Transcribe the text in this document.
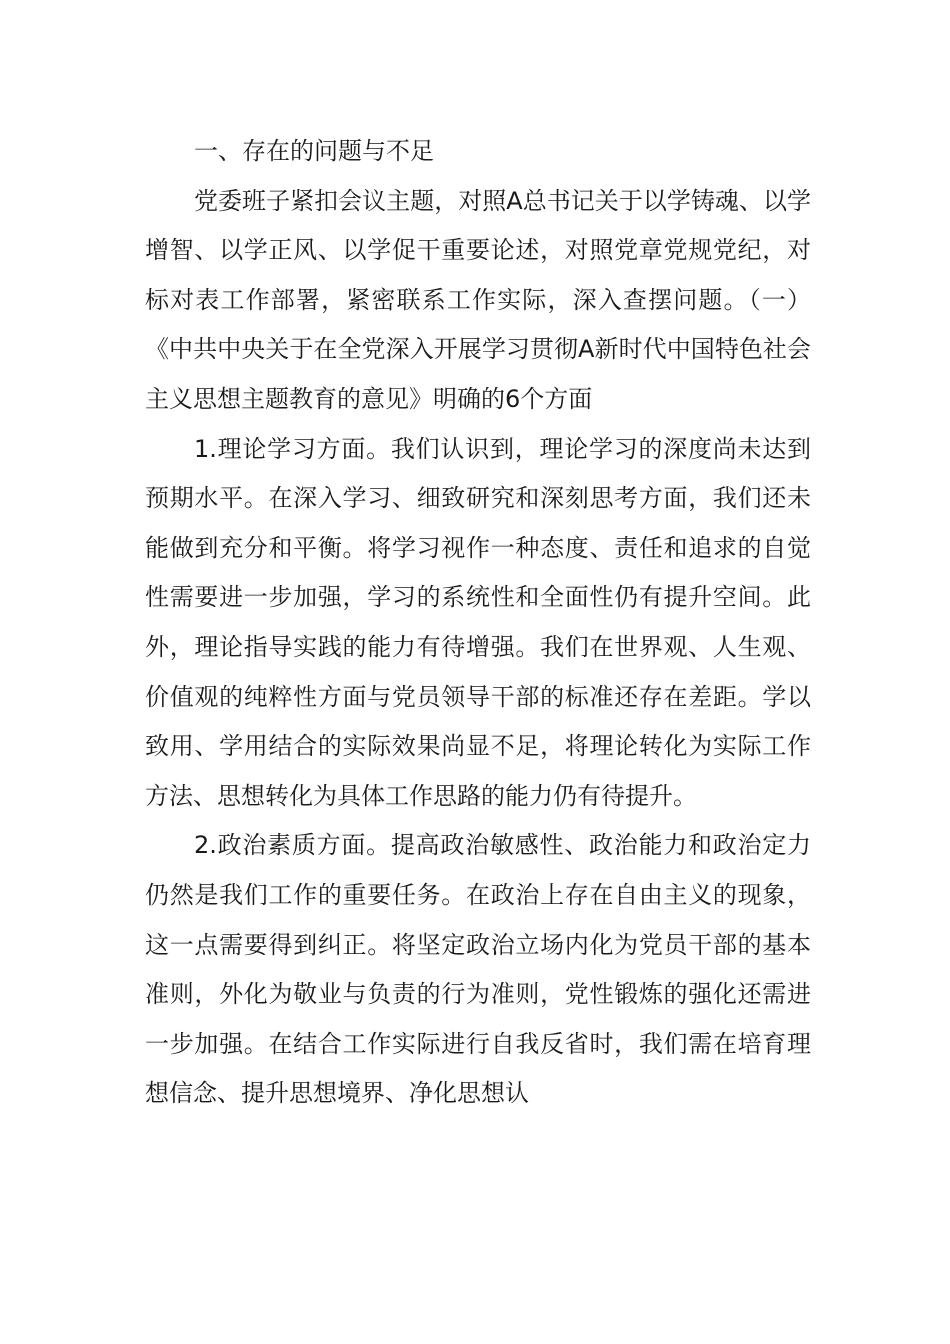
一、存在的问题与不足

党委班子紧扣会议主题，对照A总书记关于以学铸魂、以学增智、以学正风、以学促干重要论述，对照党章党规党纪，对标对表工作部署，紧密联系工作实际，深入查摆问题。（一）《中共中央关于在全党深入开展学习贯彻A新时代中国特色社会主义思想主题教育的意见》明确的6个方面

1.理论学习方面。我们认识到，理论学习的深度尚未达到预期水平。在深入学习、细致研究和深刻思考方面，我们还未能做到充分和平衡。将学习视作一种态度、责任和追求的自觉性需要进一步加强，学习的系统性和全面性仍有提升空间。此外，理论指导实践的能力有待增强。我们在世界观、人生观、价值观的纯粹性方面与党员领导干部的标准还存在差距。学以致用、学用结合的实际效果尚显不足，将理论转化为实际工作方法、思想转化为具体工作思路的能力仍有待提升。

2.政治素质方面。提高政治敏感性、政治能力和政治定力仍然是我们工作的重要任务。在政治上存在自由主义的现象，这一点需要得到纠正。将坚定政治立场内化为党员干部的基本准则，外化为敬业与负责的行为准则，党性锻炼的强化还需进一步加强。在结合工作实际进行自我反省时，我们需在培育理想信念、提升思想境界、净化思想认
